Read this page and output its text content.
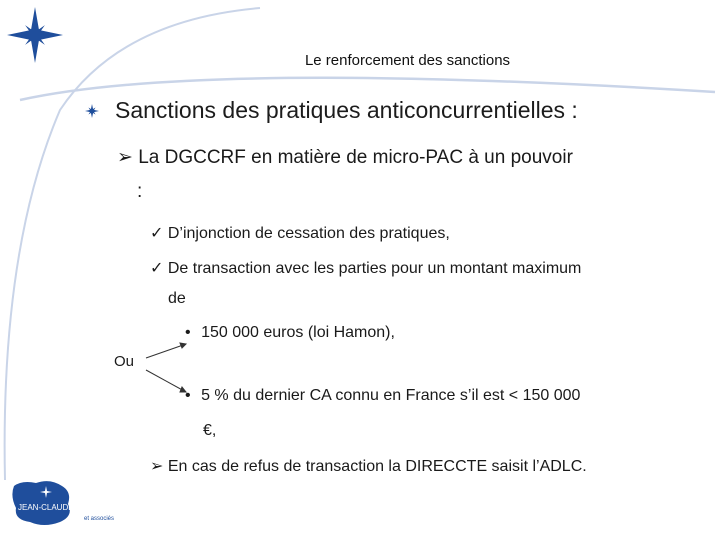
Le renforcement des sanctions
Sanctions des pratiques anticoncurrentielles :
➢ La DGCCRF en matière de micro-PAC à un pouvoir
:
✓ D’injonction de cessation des pratiques,
✓ De transaction avec les parties pour un montant maximum
de
• 150 000 euros (loi Hamon),
Ou
• 5 % du dernier CA connu en France s’il est < 150 000
€,
➢ En cas de refus de transaction la DIRECCTE saisit l’ADLC.
JEAN-CLAUDE COULON
et associés
